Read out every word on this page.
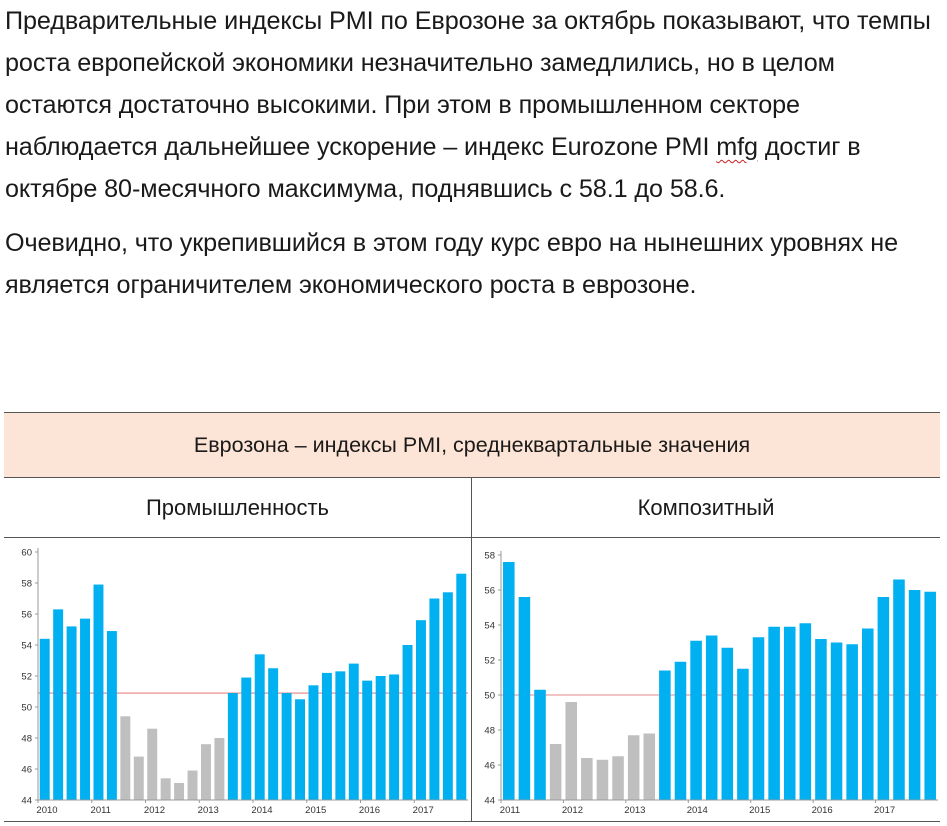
Предварительные индексы PMI по Еврозоне за октябрь показывают, что темпы роста европейской экономики незначительно замедлились, но в целом остаются достаточно высокими. При этом в промышленном секторе наблюдается дальнейшее ускорение – индекс Eurozone PMI mfg достиг в октябре 80-месячного максимума, поднявшись с 58.1 до 58.6.

Очевидно, что укрепившийся в этом году курс евро на нынешних уровнях не является ограничителем экономического роста в еврозоне.

Еврозона – индексы PMI, среднеквартальные значения
Промышленность
44
46
48
50
52
54
56
58
60
2010	2011	2012	2013	2014	2015	2016	2017
Композитный
44
46
48
50
52
54
56
58
2011	2012	2013	2014	2015	2016	2017
